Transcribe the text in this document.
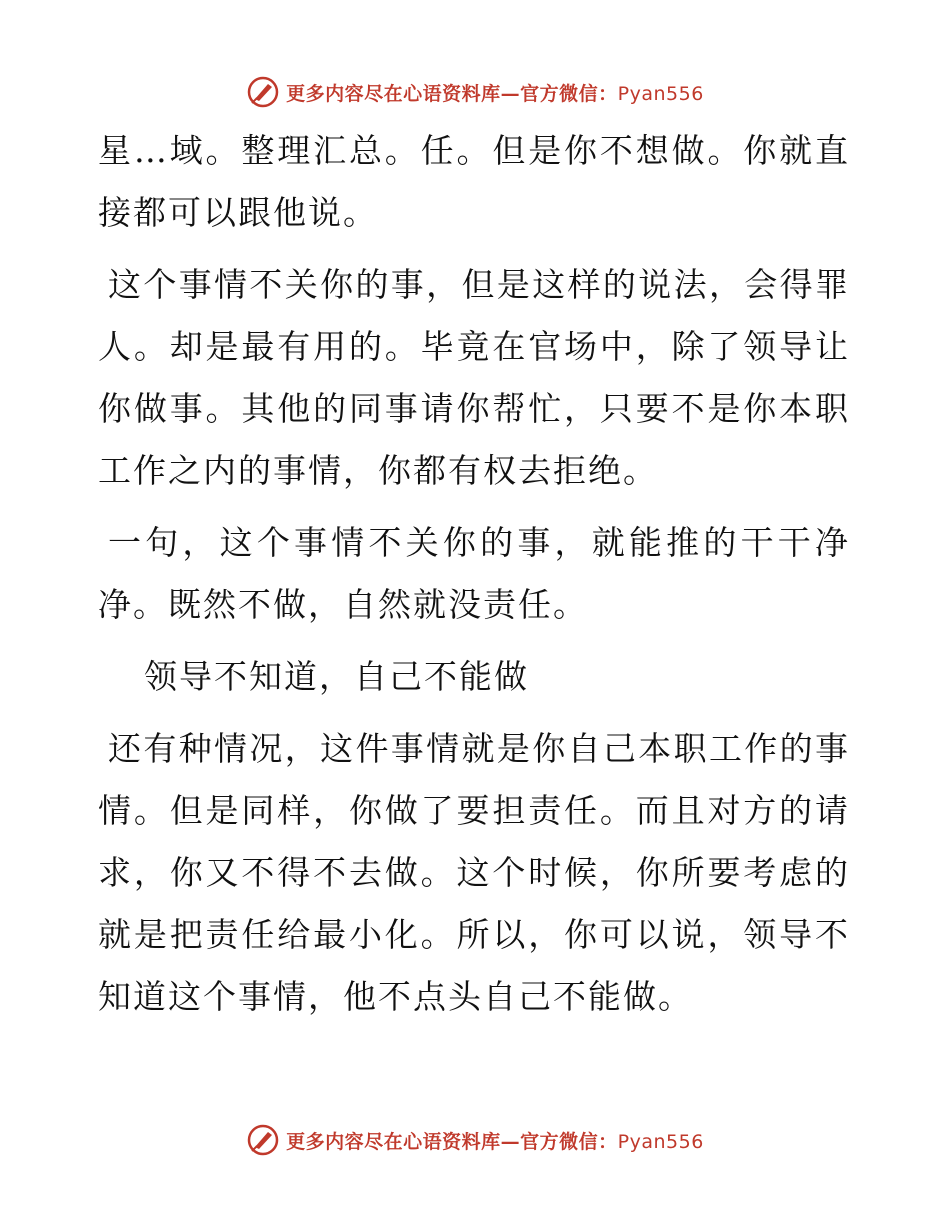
更多内容尽在心语资料库—官方微信：Pyan556

星…域。整理汇总。任。但是你不想做。你就直接都可以跟他说。

这个事情不关你的事，但是这样的说法，会得罪人。却是最有用的。毕竟在官场中，除了领导让你做事。其他的同事请你帮忙，只要不是你本职工作之内的事情，你都有权去拒绝。

一句，这个事情不关你的事，就能推的干干净净。既然不做，自然就没责任。

领导不知道，自己不能做

还有种情况，这件事情就是你自己本职工作的事情。但是同样，你做了要担责任。而且对方的请求，你又不得不去做。这个时候，你所要考虑的就是把责任给最小化。所以，你可以说，领导不知道这个事情，他不点头自己不能做。

更多内容尽在心语资料库—官方微信：Pyan556
